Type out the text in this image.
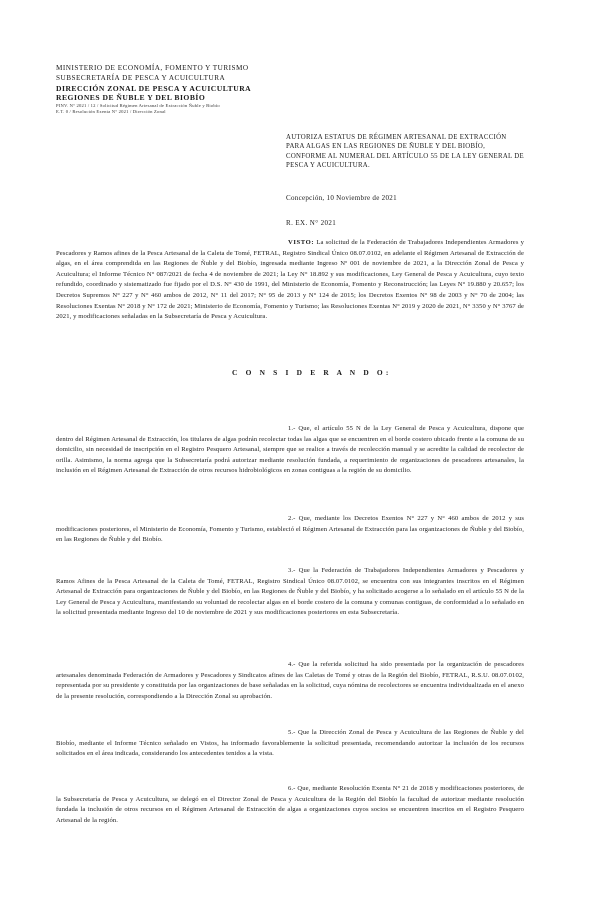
MINISTERIO DE ECONOMÍA, FOMENTO Y TURISMO
SUBSECRETARÍA DE PESCA Y ACUICULTURA
DIRECCIÓN ZONAL DE PESCA Y ACUICULTURA
REGIONES DE ÑUBLE Y DEL BIOBÍO
PINV. N° 2021 / 12 / Solicitud Régimen Artesanal de Extracción Ñuble y Biobío
E.T. 0 / Resolución Exenta N° 2021 / Dirección Zonal
AUTORIZA ESTATUS DE RÉGIMEN ARTESANAL DE EXTRACCIÓN PARA ALGAS EN LAS REGIONES DE ÑUBLE Y DEL BIOBÍO, CONFORME AL NUMERAL DEL ARTÍCULO 55 DE LA LEY GENERAL DE PESCA Y ACUICULTURA.
Concepción, 10 Noviembre de 2021
R. EX. N° 2021
VISTO: La solicitud de la Federación de Trabajadores Independientes Armadores y Pescadores y Ramos afines de la Pesca Artesanal de la Caleta de Tomé, FETRAL, Registro Sindical Único 08.07.0102, en adelante el Régimen Artesanal de Extracción de algas, en el área comprendida en las Regiones de Ñuble y del Biobío, ingresada mediante Ingreso Nº 001 de noviembre de 2021, a la Dirección Zonal de Pesca y Acuicultura; el Informe Técnico N° 087/2021 de fecha 4 de noviembre de 2021; la Ley N° 18.892 y sus modificaciones, Ley General de Pesca y Acuicultura, cuyo texto refundido, coordinado y sistematizado fue fijado por el D.S. N° 430 de 1991, del Ministerio de Economía, Fomento y Reconstrucción; las Leyes N° 19.880 y 20.657; los Decretos Supremos N° 227 y N° 460 ambos de 2012, N° 11 del 2017; N° 95 de 2013 y N° 124 de 2015; los Decretos Exentos N° 98 de 2003 y N° 70 de 2004; las Resoluciones Exentas N° 2018 y N° 172 de 2021; Ministerio de Economía, Fomento y Turismo; las Resoluciones Exentas N° 2019 y 2020 de 2021, N° 3350 y N° 3767 de 2021, y modificaciones señaladas en la Subsecretaría de Pesca y Acuicultura.
C O N S I D E R A N D O:
1.- Que, el artículo 55 N de la Ley General de Pesca y Acuicultura, dispone que dentro del Régimen Artesanal de Extracción, los titulares de algas podrán recolectar todas las algas que se encuentren en el borde costero ubicado frente a la comuna de su domicilio, sin necesidad de inscripción en el Registro Pesquero Artesanal, siempre que se realice a través de recolección manual y se acredite la calidad de recolector de orilla. Asimismo, la norma agrega que la Subsecretaría podrá autorizar mediante resolución fundada, a requerimiento de organizaciones de pescadores artesanales, la inclusión en el Régimen Artesanal de Extracción de otros recursos hidrobiológicos en zonas contiguas a la región de su domicilio.
2.- Que, mediante los Decretos Exentos N° 227 y N° 460 ambos de 2012 y sus modificaciones posteriores, el Ministerio de Economía, Fomento y Turismo, estableció el Régimen Artesanal de Extracción para las organizaciones de Ñuble y del Biobío, en las Regiones de Ñuble y del Biobío.
3.- Que la Federación de Trabajadores Independientes Armadores y Pescadores y Ramos Afines de la Pesca Artesanal de la Caleta de Tomé, FETRAL, Registro Sindical Único 08.07.0102, se encuentra con sus integrantes inscritos en el Régimen Artesanal de Extracción para organizaciones de Ñuble y del Biobío, en las Regiones de Ñuble y del Biobío, y ha solicitado acogerse a lo señalado en el artículo 55 N de la Ley General de Pesca y Acuicultura, manifestando su voluntad de recolectar algas en el borde costero de la comuna y comunas contiguas, de conformidad a lo señalado en la solicitud presentada mediante Ingreso del 10 de noviembre de 2021 y sus modificaciones posteriores en esta Subsecretaría.
4.- Que la referida solicitud ha sido presentada por la organización de pescadores artesanales denominada Federación de Armadores y Pescadores y Sindicatos afines de las Caletas de Tomé y otras de la Región del Biobío, FETRAL, R.S.U. 08.07.0102, representada por su presidente y constituida por las organizaciones de base señaladas en la solicitud, cuya nómina de recolectores se encuentra individualizada en el anexo de la presente resolución, correspondiendo a la Dirección Zonal su aprobación.
5.- Que la Dirección Zonal de Pesca y Acuicultura de las Regiones de Ñuble y del Biobío, mediante el Informe Técnico señalado en Vistos, ha informado favorablemente la solicitud presentada, recomendando autorizar la inclusión de los recursos solicitados en el área indicada, considerando los antecedentes tenidos a la vista.
6.- Que, mediante Resolución Exenta N° 21 de 2018 y modificaciones posteriores, de la Subsecretaría de Pesca y Acuicultura, se delegó en el Director Zonal de Pesca y Acuicultura de la Región del Biobío la facultad de autorizar mediante resolución fundada la inclusión de otros recursos en el Régimen Artesanal de Extracción de algas a organizaciones cuyos socios se encuentren inscritos en el Registro Pesquero Artesanal de la región.
